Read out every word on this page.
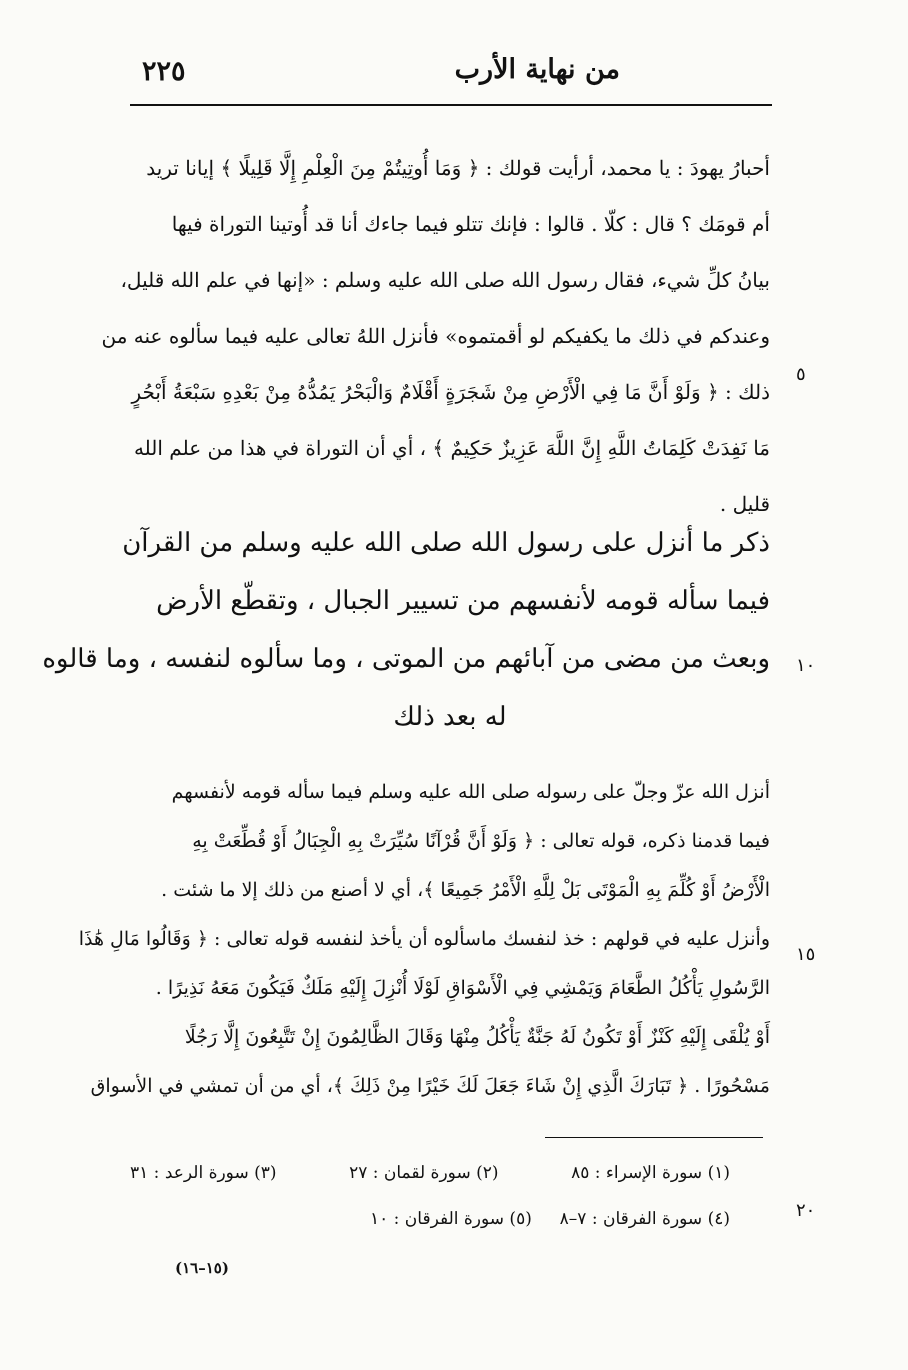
٢٢٥	من نهاية الأرب
أحبارُ يهودَ : يا محمد، أرأيت قولك : ﴿ وَمَا أُوتِيتُمْ مِنَ الْعِلْمِ إِلَّا قَلِيلًا ﴾ إيانا تريد
أم قومَك ؟ قال : كلّا . قالوا : فإنك تتلو فيما جاءك أنا قد أُوتينا التوراة فيها
بيانُ كلِّ شيء، فقال رسول الله صلى الله عليه وسلم : «إنها في علم الله قليل،
وعندكم في ذلك ما يكفيكم لو أقمتموه» فأنزل اللهُ تعالى عليه فيما سألوه عنه من
ذلك : ﴿ وَلَوْ أَنَّ مَا فِي الْأَرْضِ مِنْ شَجَرَةٍ أَقْلَامٌ وَالْبَحْرُ يَمُدُّهُ مِنْ بَعْدِهِ سَبْعَةُ أَبْحُرٍ
مَا نَفِدَتْ كَلِمَاتُ اللَّهِ إِنَّ اللَّهَ عَزِيزٌ حَكِيمٌ ﴾ ، أي أن التوراة في هذا من علم الله
قليل .
ذكر ما أنزل على رسول الله صلى الله عليه وسلم من القرآن
فيما سأله قومه لأنفسهم من تسيير الجبال ، وتقطّع الأرض
وبعث من مضى من آبائهم من الموتى ، وما سألوه لنفسه ، وما قالوه
له بعد ذلك
أنزل الله عزّ وجلّ على رسوله صلى الله عليه وسلم فيما سأله قومه لأنفسهم
فيما قدمنا ذكره، قوله تعالى : ﴿ وَلَوْ أَنَّ قُرْآنًا سُيِّرَتْ بِهِ الْجِبَالُ أَوْ قُطِّعَتْ بِهِ
الْأَرْضُ أَوْ كُلِّمَ بِهِ الْمَوْتَى بَلْ لِلَّهِ الْأَمْرُ جَمِيعًا ﴾، أي لا أصنع من ذلك إلا ما شئت .
وأنزل عليه في قولهم : خذ لنفسك ماسألوه أن يأخذ لنفسه قوله تعالى : ﴿ وَقَالُوا مَالِ هَٰذَا
الرَّسُولِ يَأْكُلُ الطَّعَامَ وَيَمْشِي فِي الْأَسْوَاقِ لَوْلَا أُنْزِلَ إِلَيْهِ مَلَكٌ فَيَكُونَ مَعَهُ نَذِيرًا .
أَوْ يُلْقَى إِلَيْهِ كَنْزٌ أَوْ تَكُونُ لَهُ جَنَّةٌ يَأْكُلُ مِنْهَا وَقَالَ الظَّالِمُونَ إِنْ تَتَّبِعُونَ إِلَّا رَجُلًا
مَسْحُورًا . ﴿ تَبَارَكَ الَّذِي إِنْ شَاءَ جَعَلَ لَكَ خَيْرًا مِنْ ذَلِكَ ﴾، أي من أن تمشي في الأسواق
٥
١٠
١٥
٢٠
(١) سورة الإسراء : ٨٥
(٢) سورة لقمان : ٢٧
(٣) سورة الرعد : ٣١
(٤) سورة الفرقان : ٧–٨
(٥) سورة الفرقان : ١٠
(١٥–١٦)
